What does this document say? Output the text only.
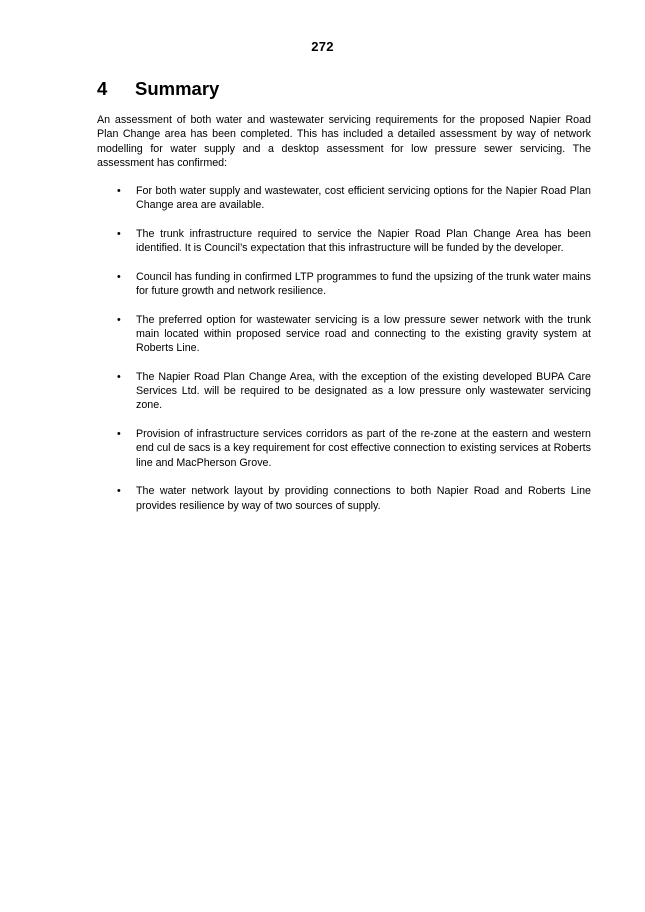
272
4	Summary

An assessment of both water and wastewater servicing requirements for the proposed Napier Road Plan Change area has been completed. This has included a detailed assessment by way of network modelling for water supply and a desktop assessment for low pressure sewer servicing. The assessment has confirmed:

• For both water supply and wastewater, cost efficient servicing options for the Napier Road Plan Change area are available.
• The trunk infrastructure required to service the Napier Road Plan Change Area has been identified. It is Council’s expectation that this infrastructure will be funded by the developer.
• Council has funding in confirmed LTP programmes to fund the upsizing of the trunk water mains for future growth and network resilience.
• The preferred option for wastewater servicing is a low pressure sewer network with the trunk main located within proposed service road and connecting to the existing gravity system at Roberts Line.
• The Napier Road Plan Change Area, with the exception of the existing developed BUPA Care Services Ltd. will be required to be designated as a low pressure only wastewater servicing zone.
• Provision of infrastructure services corridors as part of the re-zone at the eastern and western end cul de sacs is a key requirement for cost effective connection to existing services at Roberts line and MacPherson Grove.
• The water network layout by providing connections to both Napier Road and Roberts Line provides resilience by way of two sources of supply.
